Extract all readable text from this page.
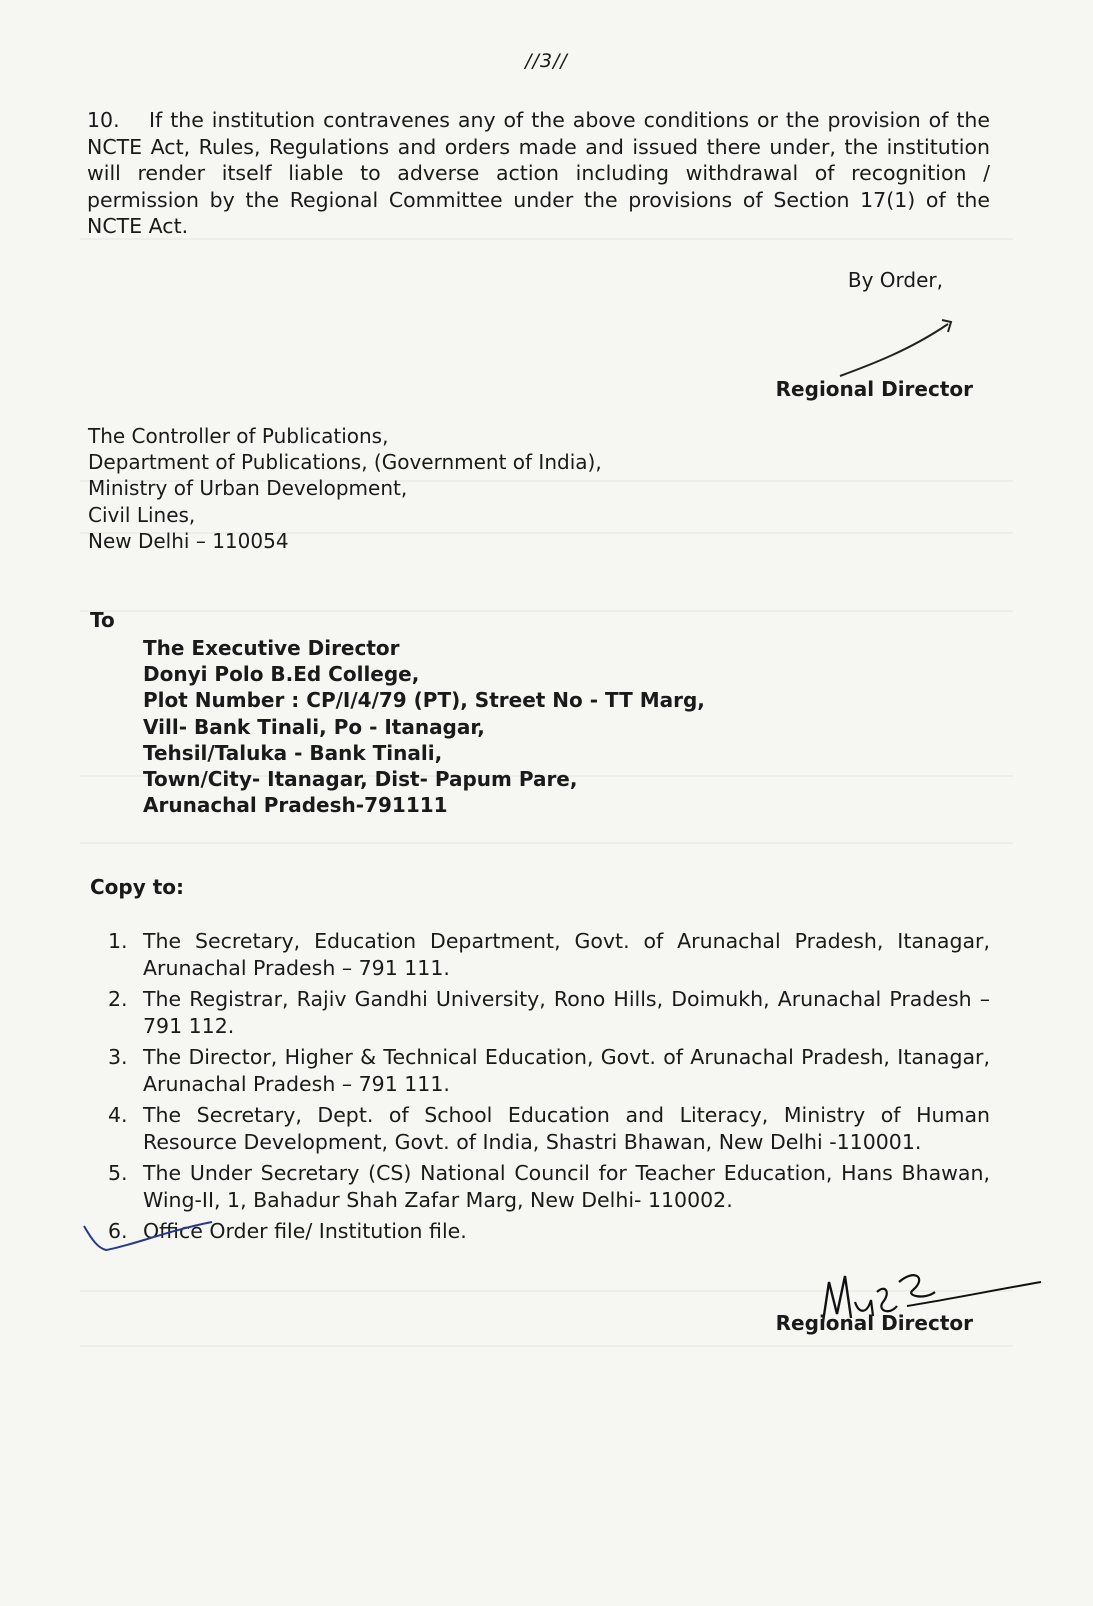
//3//
10. If the institution contravenes any of the above conditions or the provision of the NCTE Act, Rules, Regulations and orders made and issued there under, the institution will render itself liable to adverse action including withdrawal of recognition / permission by the Regional Committee under the provisions of Section 17(1) of the NCTE Act.
By Order,
Regional Director
The Controller of Publications,
Department of Publications, (Government of India),
Ministry of Urban Development,
Civil Lines,
New Delhi – 110054
To
The Executive Director
Donyi Polo B.Ed College,
Plot Number : CP/I/4/79 (PT), Street No - TT Marg,
Vill- Bank Tinali, Po - Itanagar,
Tehsil/Taluka - Bank Tinali,
Town/City- Itanagar, Dist- Papum Pare,
Arunachal Pradesh-791111
Copy to:
1. The Secretary, Education Department, Govt. of Arunachal Pradesh, Itanagar, Arunachal Pradesh – 791 111.
2. The Registrar, Rajiv Gandhi University, Rono Hills, Doimukh, Arunachal Pradesh – 791 112.
3. The Director, Higher & Technical Education, Govt. of Arunachal Pradesh, Itanagar, Arunachal Pradesh – 791 111.
4. The Secretary, Dept. of School Education and Literacy, Ministry of Human Resource Development, Govt. of India, Shastri Bhawan, New Delhi -110001.
5. The Under Secretary (CS) National Council for Teacher Education, Hans Bhawan, Wing-II, 1, Bahadur Shah Zafar Marg, New Delhi- 110002.
6. Office Order file/ Institution file.
Regional Director
